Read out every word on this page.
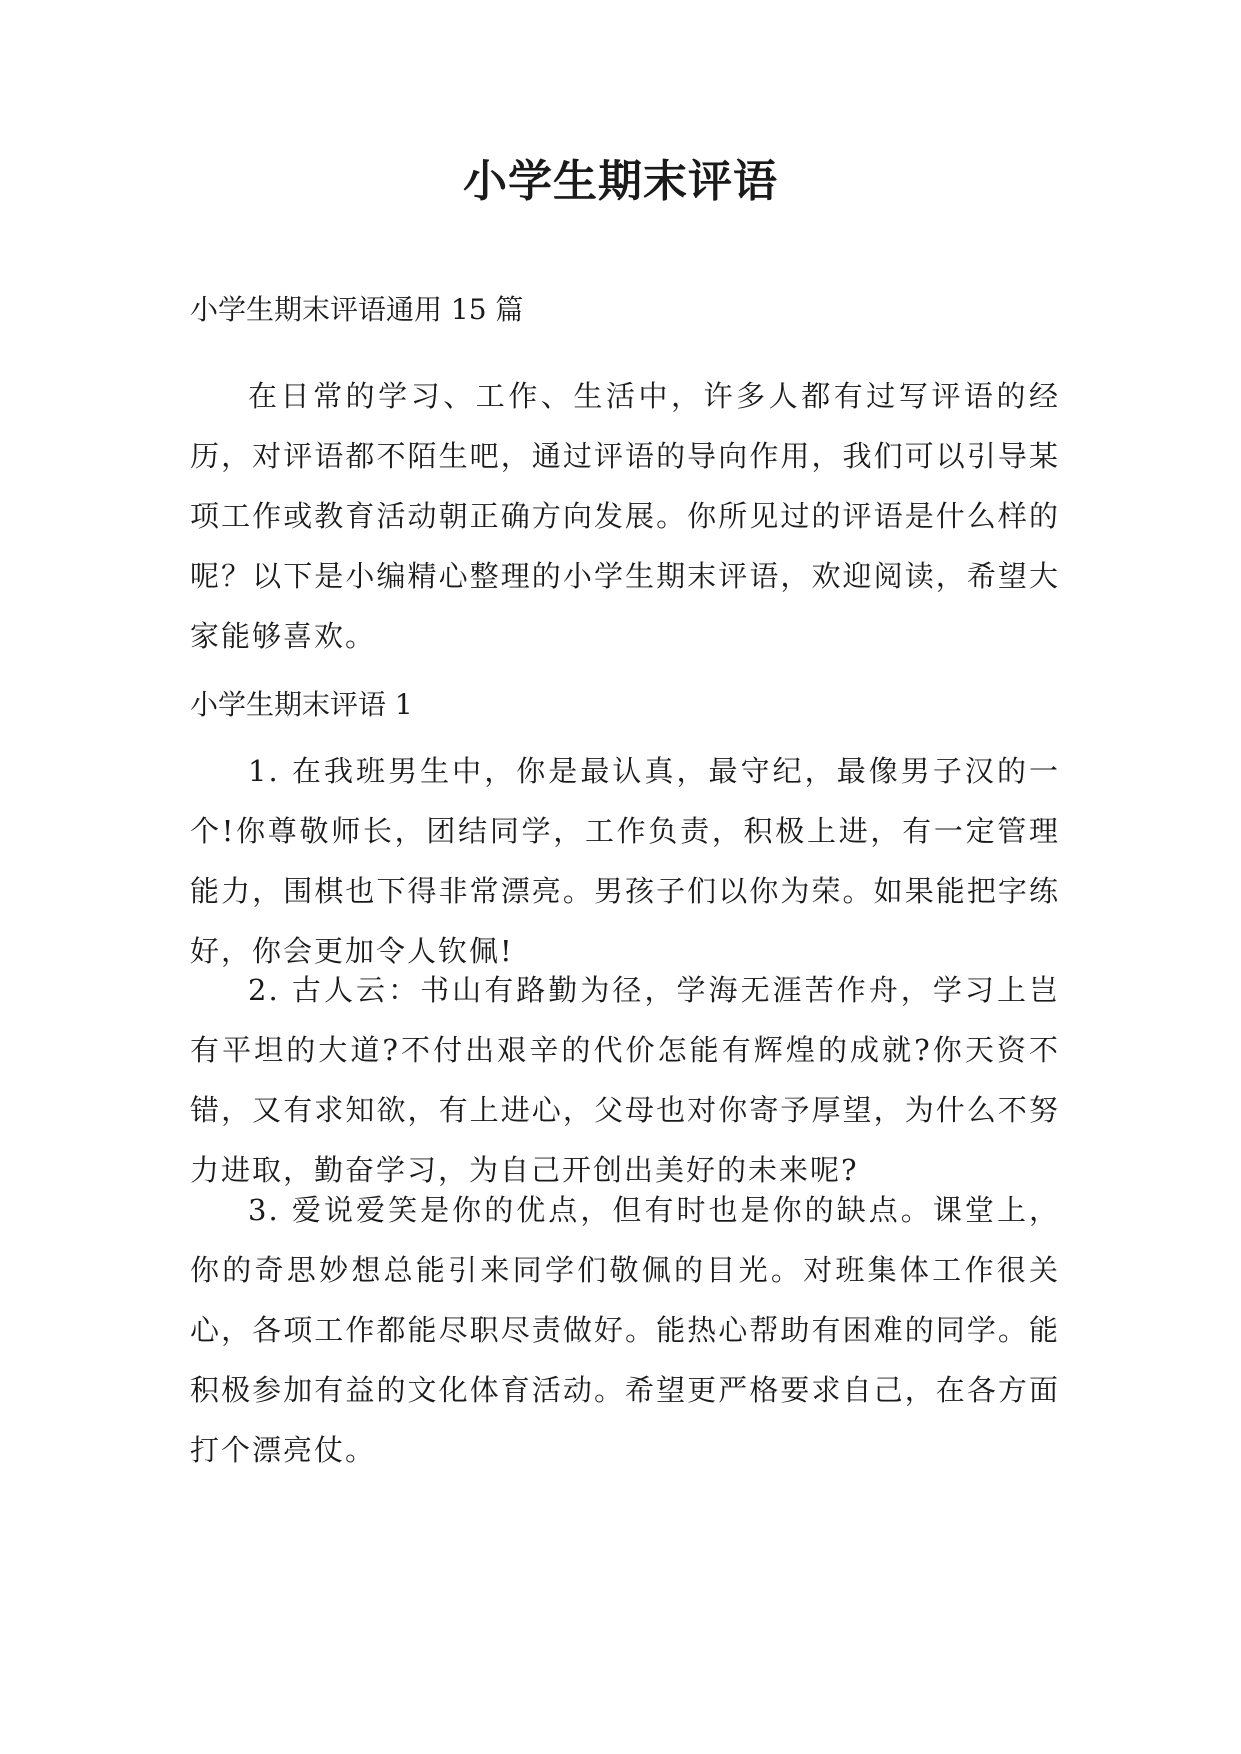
小学生期末评语
小学生期末评语通用 15 篇
在日常的学习、工作、生活中，许多人都有过写评语的经历，对评语都不陌生吧，通过评语的导向作用，我们可以引导某项工作或教育活动朝正确方向发展。你所见过的评语是什么样的呢？以下是小编精心整理的小学生期末评语，欢迎阅读，希望大家能够喜欢。
小学生期末评语 1
1. 在我班男生中，你是最认真，最守纪，最像男子汉的一个!你尊敬师长，团结同学，工作负责，积极上进，有一定管理能力，围棋也下得非常漂亮。男孩子们以你为荣。如果能把字练好，你会更加令人钦佩!
2. 古人云：书山有路勤为径，学海无涯苦作舟，学习上岂有平坦的大道?不付出艰辛的代价怎能有辉煌的成就?你天资不错，又有求知欲，有上进心，父母也对你寄予厚望，为什么不努力进取，勤奋学习，为自己开创出美好的未来呢?
3. 爱说爱笑是你的优点，但有时也是你的缺点。课堂上，你的奇思妙想总能引来同学们敬佩的目光。对班集体工作很关心，各项工作都能尽职尽责做好。能热心帮助有困难的同学。能积极参加有益的文化体育活动。希望更严格要求自己，在各方面打个漂亮仗。
